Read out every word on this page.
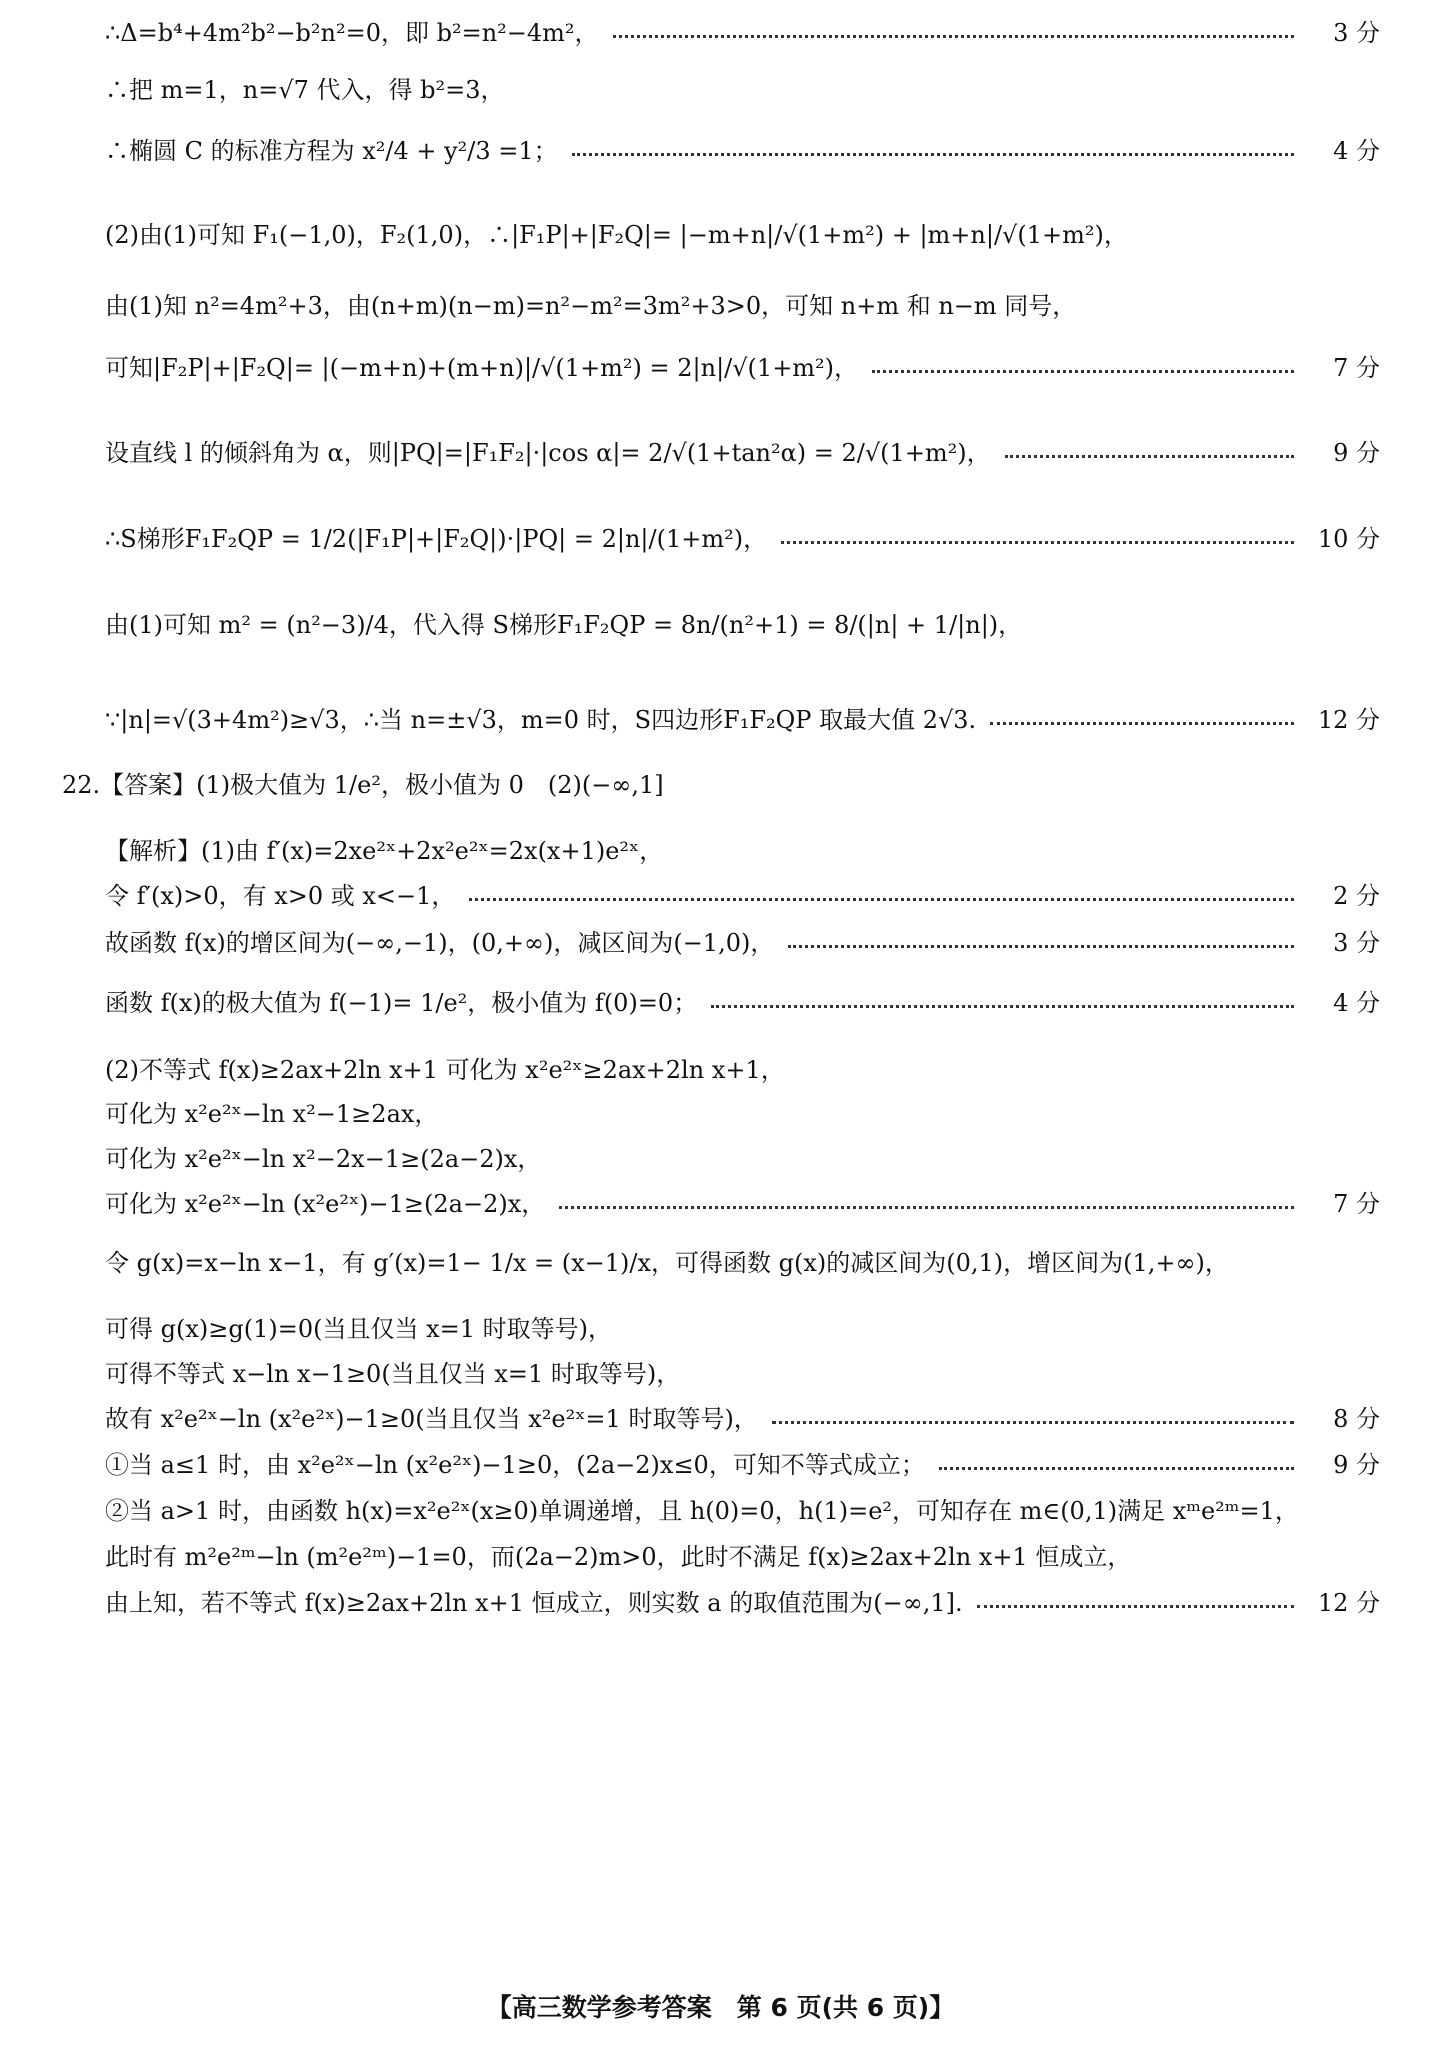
∴Δ=b⁴+4m²b²−b²n²=0，即 b²=n²−4m²，	3 分
∴把 m=1，n=√7 代入，得 b²=3，
∴椭圆 C 的标准方程为 x²/4 + y²/3 =1；	4 分
(2)由(1)可知 F₁(−1,0)，F₂(1,0)，∴|F₁P|+|F₂Q|= |−m+n|/√(1+m²) + |m+n|/√(1+m²)，
由(1)知 n²=4m²+3，由(n+m)(n−m)=n²−m²=3m²+3>0，可知 n+m 和 n−m 同号，
可知|F₂P|+|F₂Q|= |(−m+n)+(m+n)|/√(1+m²) = 2|n|/√(1+m²)，	7 分
设直线 l 的倾斜角为 α，则|PQ|=|F₁F₂|·|cos α|= 2/√(1+tan²α) = 2/√(1+m²)，	9 分
∴S梯形F₁F₂QP = 1/2(|F₁P|+|F₂Q|)·|PQ| = 2|n|/(1+m²)，	10 分
由(1)可知 m² = (n²−3)/4，代入得 S梯形F₁F₂QP = 8n/(n²+1) = 8/(|n| + 1/|n|)，
∵|n|=√(3+4m²)≥√3，∴当 n=±√3，m=0 时，S四边形F₁F₂QP 取最大值 2√3.	12 分
22.【答案】(1)极大值为 1/e²，极小值为 0　(2)(−∞,1]
【解析】(1)由 f′(x)=2xe²ˣ+2x²e²ˣ=2x(x+1)e²ˣ，
令 f′(x)>0，有 x>0 或 x<−1，	2 分
故函数 f(x)的增区间为(−∞,−1)，(0,+∞)，减区间为(−1,0)，	3 分
函数 f(x)的极大值为 f(−1)= 1/e²，极小值为 f(0)=0；	4 分
(2)不等式 f(x)≥2ax+2ln x+1 可化为 x²e²ˣ≥2ax+2ln x+1，
可化为 x²e²ˣ−ln x²−1≥2ax，
可化为 x²e²ˣ−ln x²−2x−1≥(2a−2)x，
可化为 x²e²ˣ−ln (x²e²ˣ)−1≥(2a−2)x，	7 分
令 g(x)=x−ln x−1，有 g′(x)=1− 1/x = (x−1)/x，可得函数 g(x)的减区间为(0,1)，增区间为(1,+∞)，
可得 g(x)≥g(1)=0(当且仅当 x=1 时取等号)，
可得不等式 x−ln x−1≥0(当且仅当 x=1 时取等号)，
故有 x²e²ˣ−ln (x²e²ˣ)−1≥0(当且仅当 x²e²ˣ=1 时取等号)，	8 分
①当 a≤1 时，由 x²e²ˣ−ln (x²e²ˣ)−1≥0，(2a−2)x≤0，可知不等式成立；	9 分
②当 a>1 时，由函数 h(x)=x²e²ˣ(x≥0)单调递增，且 h(0)=0，h(1)=e²，可知存在 m∈(0,1)满足 xᵐe²ᵐ=1，
此时有 m²e²ᵐ−ln (m²e²ᵐ)−1=0，而(2a−2)m>0，此时不满足 f(x)≥2ax+2ln x+1 恒成立，
由上知，若不等式 f(x)≥2ax+2ln x+1 恒成立，则实数 a 的取值范围为(−∞,1].	12 分
【高三数学参考答案　第 6 页(共 6 页)】
